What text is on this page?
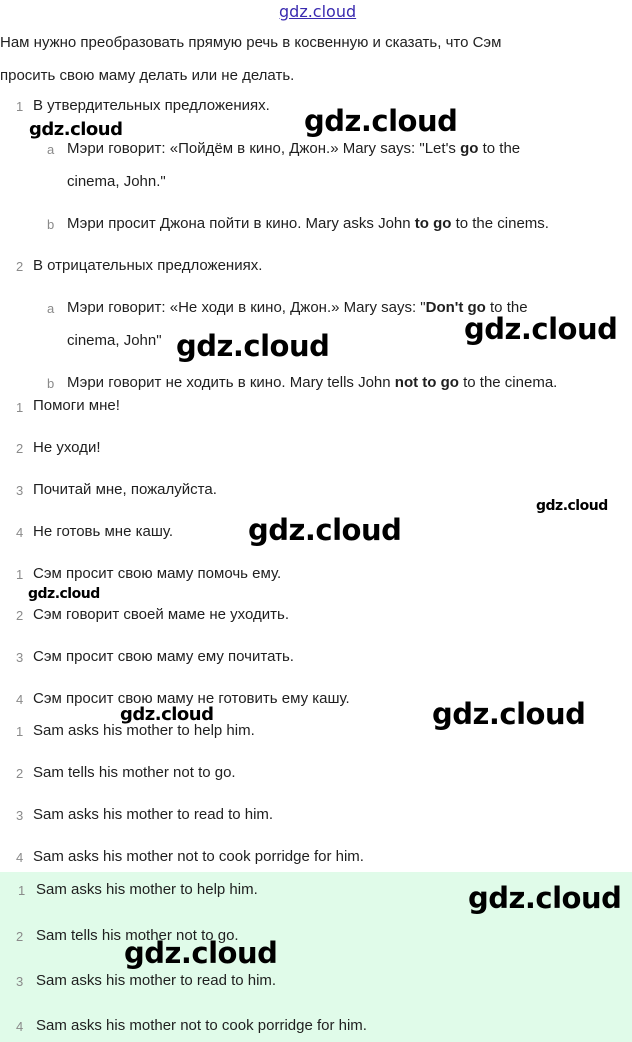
gdz.cloud
Нам нужно преобразовать прямую речь в косвенную и сказать, что Сэм
просить свою маму делать или не делать.
1 В утвердительных предложениях.
a Мэри говорит: «Пойдём в кино, Джон.» Mary says: "Let's go to the
cinema, John."
b Мэри просит Джона пойти в кино. Mary asks John to go to the cinems.
2 В отрицательных предложениях.
a Мэри говорит: «Не ходи в кино, Джон.» Mary says: "Don't go to the
cinema, John"
b Мэри говорит не ходить в кино. Mary tells John not to go to the cinema.
1 Помоги мне!
2 Не уходи!
3 Почитай мне, пожалуйста.
4 Не готовь мне кашу.
1 Сэм просит свою маму помочь ему.
2 Сэм говорит своей маме не уходить.
3 Сэм просит свою маму ему почитать.
4 Сэм просит свою маму не готовить ему кашу.
1 Sam asks his mother to help him.
2 Sam tells his mother not to go.
3 Sam asks his mother to read to him.
4 Sam asks his mother not to cook porridge for him.
1 Sam asks his mother to help him.
2 Sam tells his mother not to go.
3 Sam asks his mother to read to him.
4 Sam asks his mother not to cook porridge for him.
gdz.cloud
gdz.cloud
gdz.cloud
gdz.cloud
gdz.cloud
gdz.cloud
gdz.cloud
gdz.cloud
gdz.cloud
gdz.cloud
gdz.cloud
